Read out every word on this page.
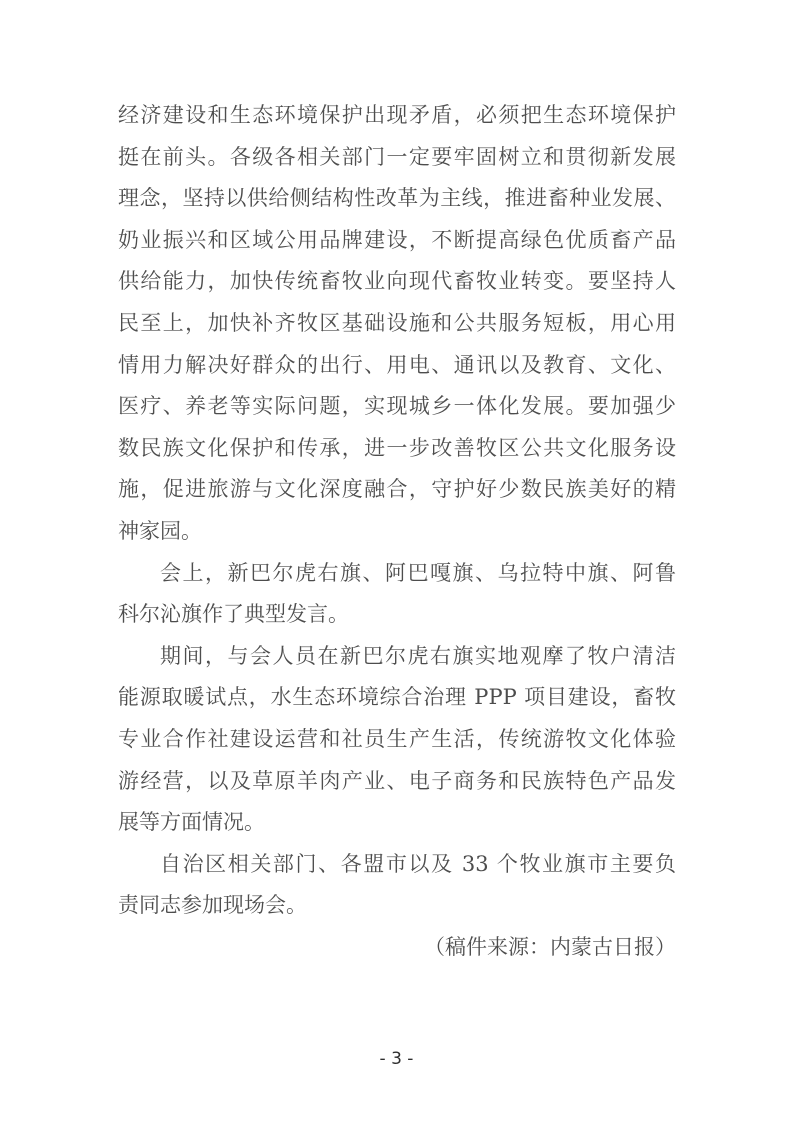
经济建设和生态环境保护出现矛盾，必须把生态环境保护
挺在前头。各级各相关部门一定要牢固树立和贯彻新发展
理念，坚持以供给侧结构性改革为主线，推进畜种业发展、
奶业振兴和区域公用品牌建设，不断提高绿色优质畜产品
供给能力，加快传统畜牧业向现代畜牧业转变。要坚持人
民至上，加快补齐牧区基础设施和公共服务短板，用心用
情用力解决好群众的出行、用电、通讯以及教育、文化、
医疗、养老等实际问题，实现城乡一体化发展。要加强少
数民族文化保护和传承，进一步改善牧区公共文化服务设
施，促进旅游与文化深度融合，守护好少数民族美好的精
神家园。
会上，新巴尔虎右旗、阿巴嘎旗、乌拉特中旗、阿鲁
科尔沁旗作了典型发言。
期间，与会人员在新巴尔虎右旗实地观摩了牧户清洁
能源取暖试点，水生态环境综合治理 PPP 项目建设，畜牧
专业合作社建设运营和社员生产生活，传统游牧文化体验
游经营，以及草原羊肉产业、电子商务和民族特色产品发
展等方面情况。
自治区相关部门、各盟市以及 33 个牧业旗市主要负
责同志参加现场会。
（稿件来源：内蒙古日报）
- 3 -
